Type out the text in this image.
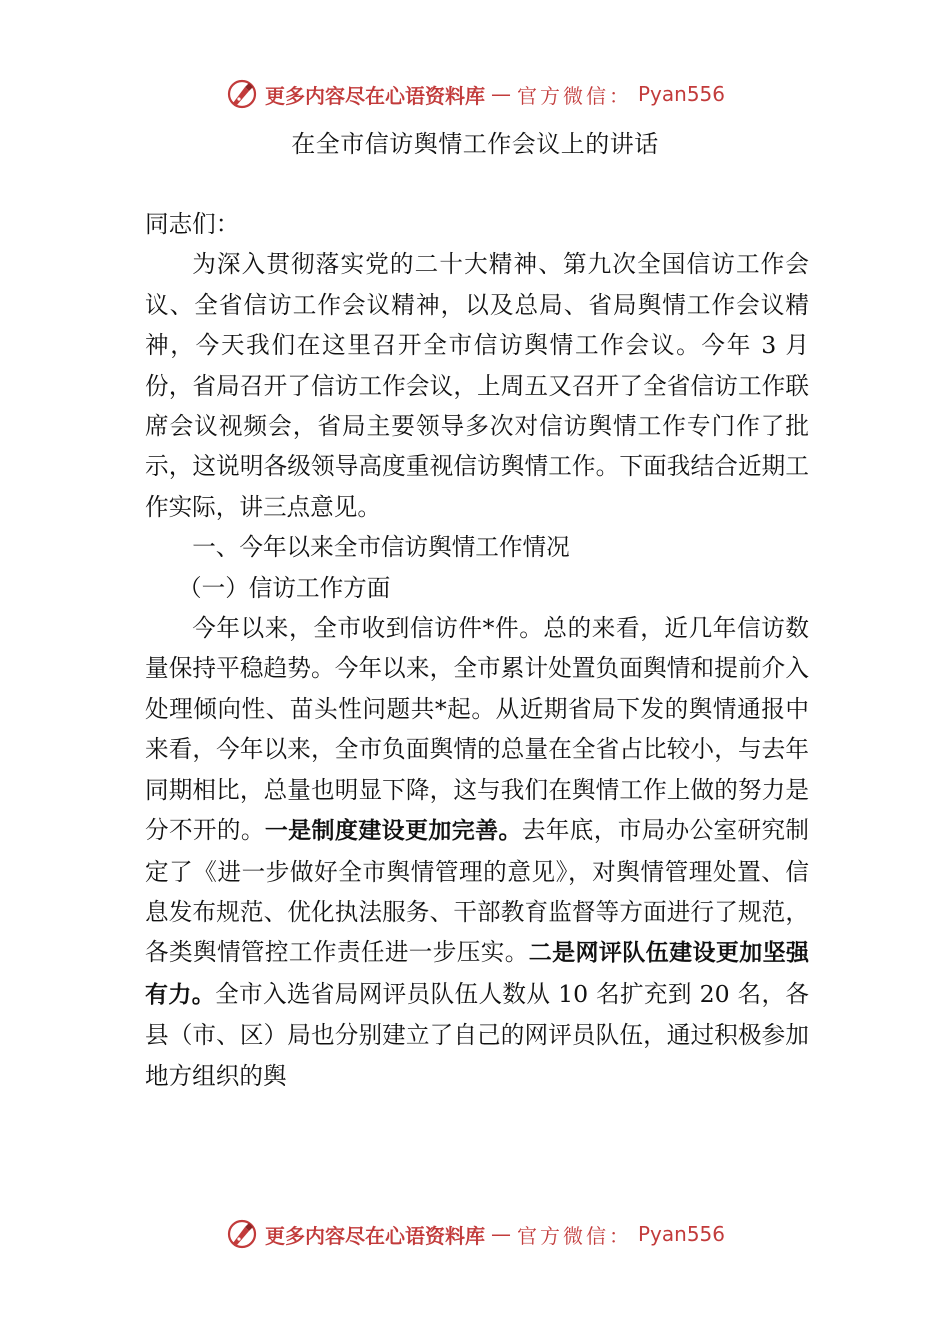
更多内容尽在心语资料库 — 官方微信： Pyan556
在全市信访舆情工作会议上的讲话

同志们：

为深入贯彻落实党的二十大精神、第九次全国信访工作会议、全省信访工作会议精神，以及总局、省局舆情工作会议精神，今天我们在这里召开全市信访舆情工作会议。今年 3 月份，省局召开了信访工作会议，上周五又召开了全省信访工作联席会议视频会，省局主要领导多次对信访舆情工作专门作了批示，这说明各级领导高度重视信访舆情工作。下面我结合近期工作实际，讲三点意见。

一、今年以来全市信访舆情工作情况

（一）信访工作方面

今年以来，全市收到信访件*件。总的来看，近几年信访数量保持平稳趋势。今年以来，全市累计处置负面舆情和提前介入处理倾向性、苗头性问题共*起。从近期省局下发的舆情通报中来看，今年以来，全市负面舆情的总量在全省占比较小，与去年同期相比，总量也明显下降，这与我们在舆情工作上做的努力是分不开的。一是制度建设更加完善。去年底，市局办公室研究制定了《进一步做好全市舆情管理的意见》，对舆情管理处置、信息发布规范、优化执法服务、干部教育监督等方面进行了规范，各类舆情管控工作责任进一步压实。二是网评队伍建设更加坚强有力。全市入选省局网评员队伍人数从 10 名扩充到 20 名，各县（市、区）局也分别建立了自己的网评员队伍，通过积极参加地方组织的舆

更多内容尽在心语资料库 — 官方微信： Pyan556
